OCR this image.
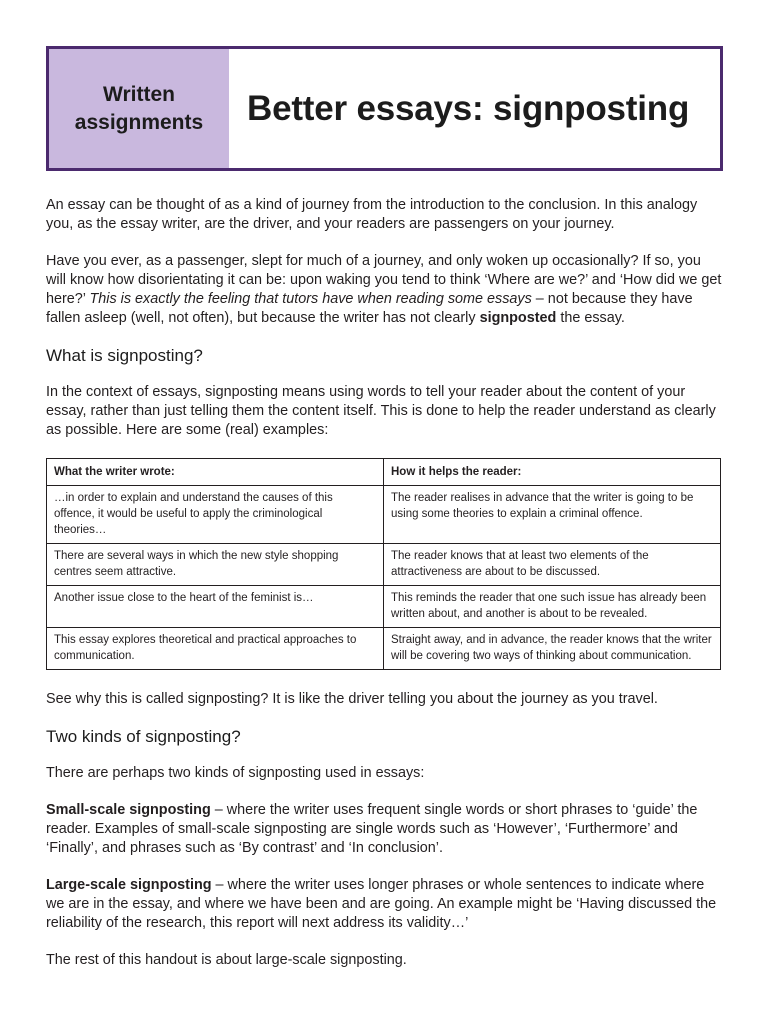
Written
assignments	Better essays: signposting

An essay can be thought of as a kind of journey from the introduction to the conclusion. In this analogy you, as the essay writer, are the driver, and your readers are passengers on your journey.

Have you ever, as a passenger, slept for much of a journey, and only woken up occasionally? If so, you will know how disorientating it can be: upon waking you tend to think ‘Where are we?’ and ‘How did we get here?’ This is exactly the feeling that tutors have when reading some essays – not because they have fallen asleep (well, not often), but because the writer has not clearly signposted the essay.

What is signposting?

In the context of essays, signposting means using words to tell your reader about the content of your essay, rather than just telling them the content itself. This is done to help the reader understand as clearly as possible. Here are some (real) examples:

What the writer wrote:	How it helps the reader:
…in order to explain and understand the causes of this offence, it would be useful to apply the criminological theories…	The reader realises in advance that the writer is going to be using some theories to explain a criminal offence.
There are several ways in which the new style shopping centres seem attractive.	The reader knows that at least two elements of the attractiveness are about to be discussed.
Another issue close to the heart of the feminist is…	This reminds the reader that one such issue has already been written about, and another is about to be revealed.
This essay explores theoretical and practical approaches to communication.	Straight away, and in advance, the reader knows that the writer will be covering two ways of thinking about communication.

See why this is called signposting? It is like the driver telling you about the journey as you travel.

Two kinds of signposting?

There are perhaps two kinds of signposting used in essays:

Small-scale signposting – where the writer uses frequent single words or short phrases to ‘guide’ the reader. Examples of small-scale signposting are single words such as ‘However’, ‘Furthermore’ and ‘Finally’, and phrases such as ‘By contrast’ and ‘In conclusion’.

Large-scale signposting – where the writer uses longer phrases or whole sentences to indicate where we are in the essay, and where we have been and are going. An example might be ‘Having discussed the reliability of the research, this report will next address its validity…’

The rest of this handout is about large-scale signposting.
